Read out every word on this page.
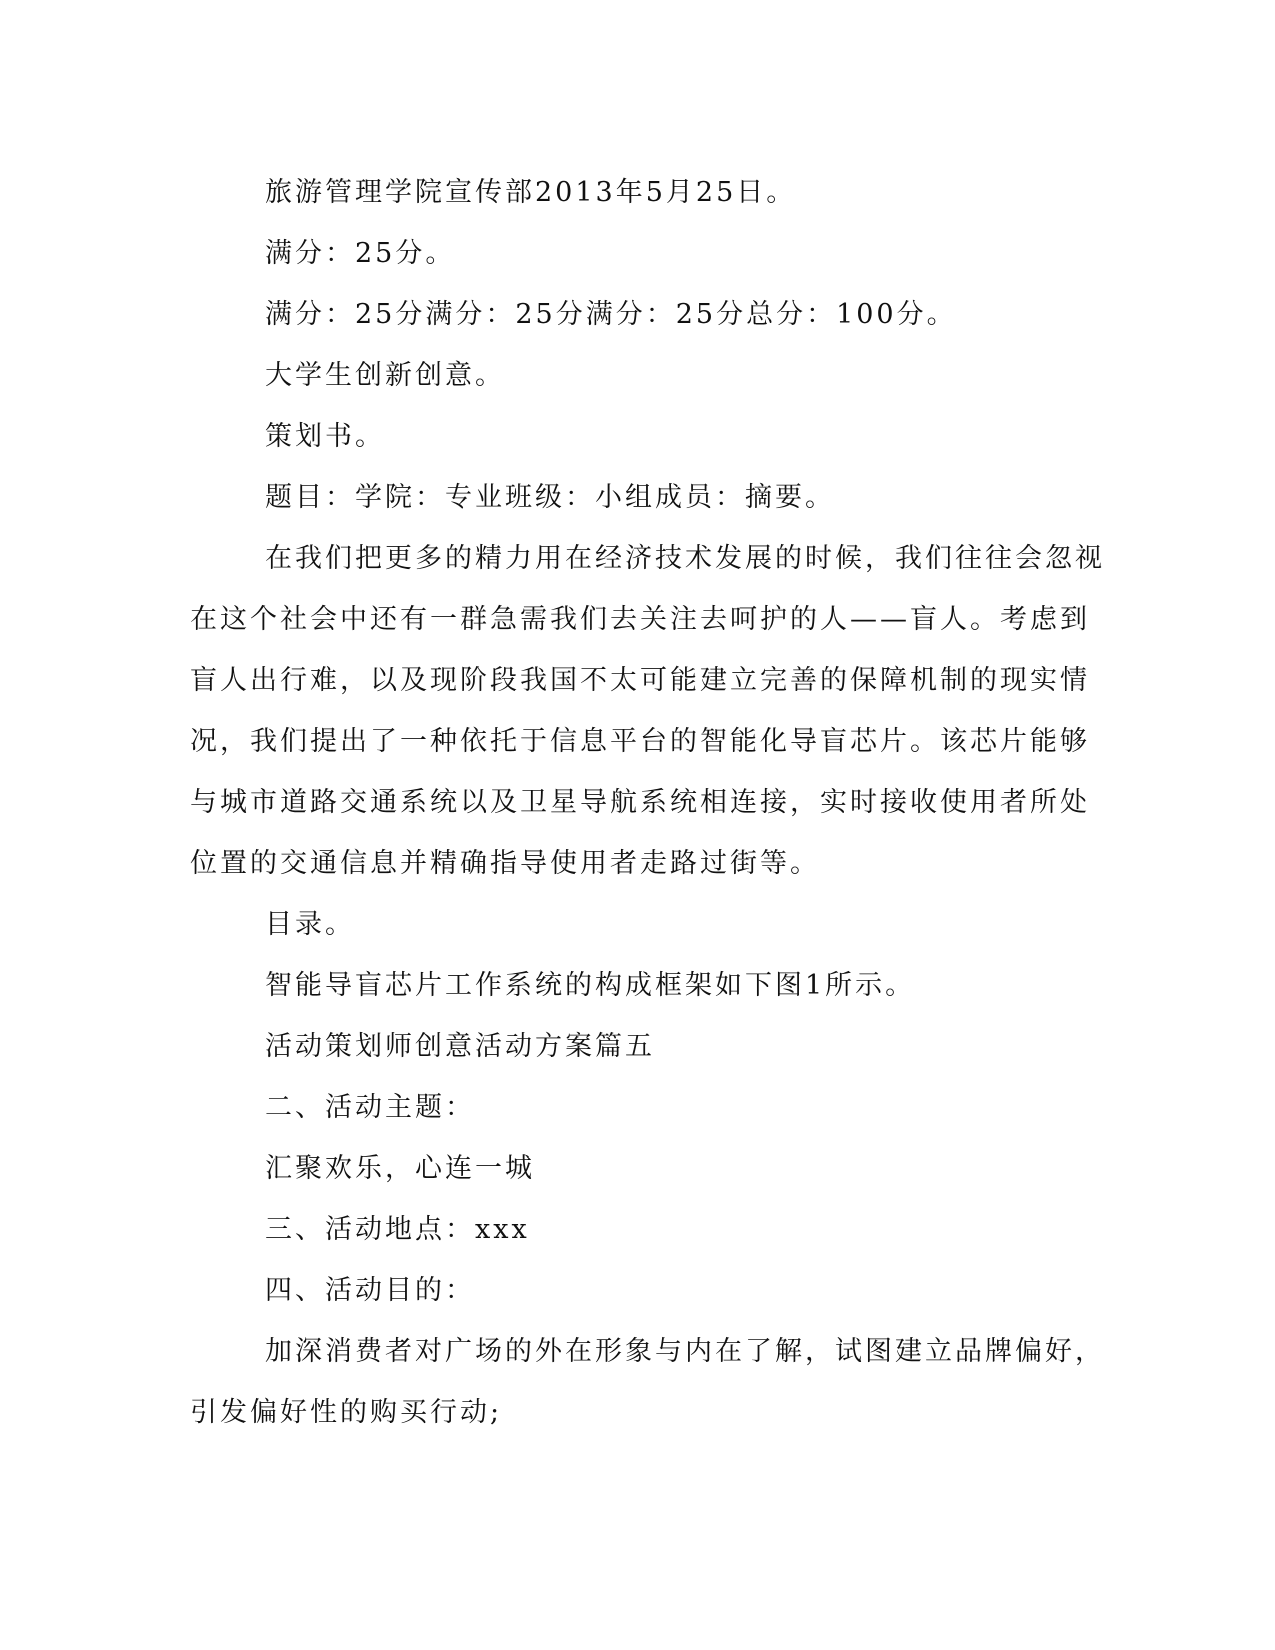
旅游管理学院宣传部2013年5月25日。

满分：25分。

满分：25分满分：25分满分：25分总分：100分。

大学生创新创意。

策划书。

题目：学院：专业班级：小组成员：摘要。

在我们把更多的精力用在经济技术发展的时候，我们往往会忽视
在这个社会中还有一群急需我们去关注去呵护的人——盲人。考虑到
盲人出行难，以及现阶段我国不太可能建立完善的保障机制的现实情
况，我们提出了一种依托于信息平台的智能化导盲芯片。该芯片能够
与城市道路交通系统以及卫星导航系统相连接，实时接收使用者所处
位置的交通信息并精确指导使用者走路过街等。

目录。

智能导盲芯片工作系统的构成框架如下图1所示。

活动策划师创意活动方案篇五

二、活动主题：

汇聚欢乐，心连一城

三、活动地点：xxx

四、活动目的：

加深消费者对广场的外在形象与内在了解，试图建立品牌偏好，
引发偏好性的购买行动;
